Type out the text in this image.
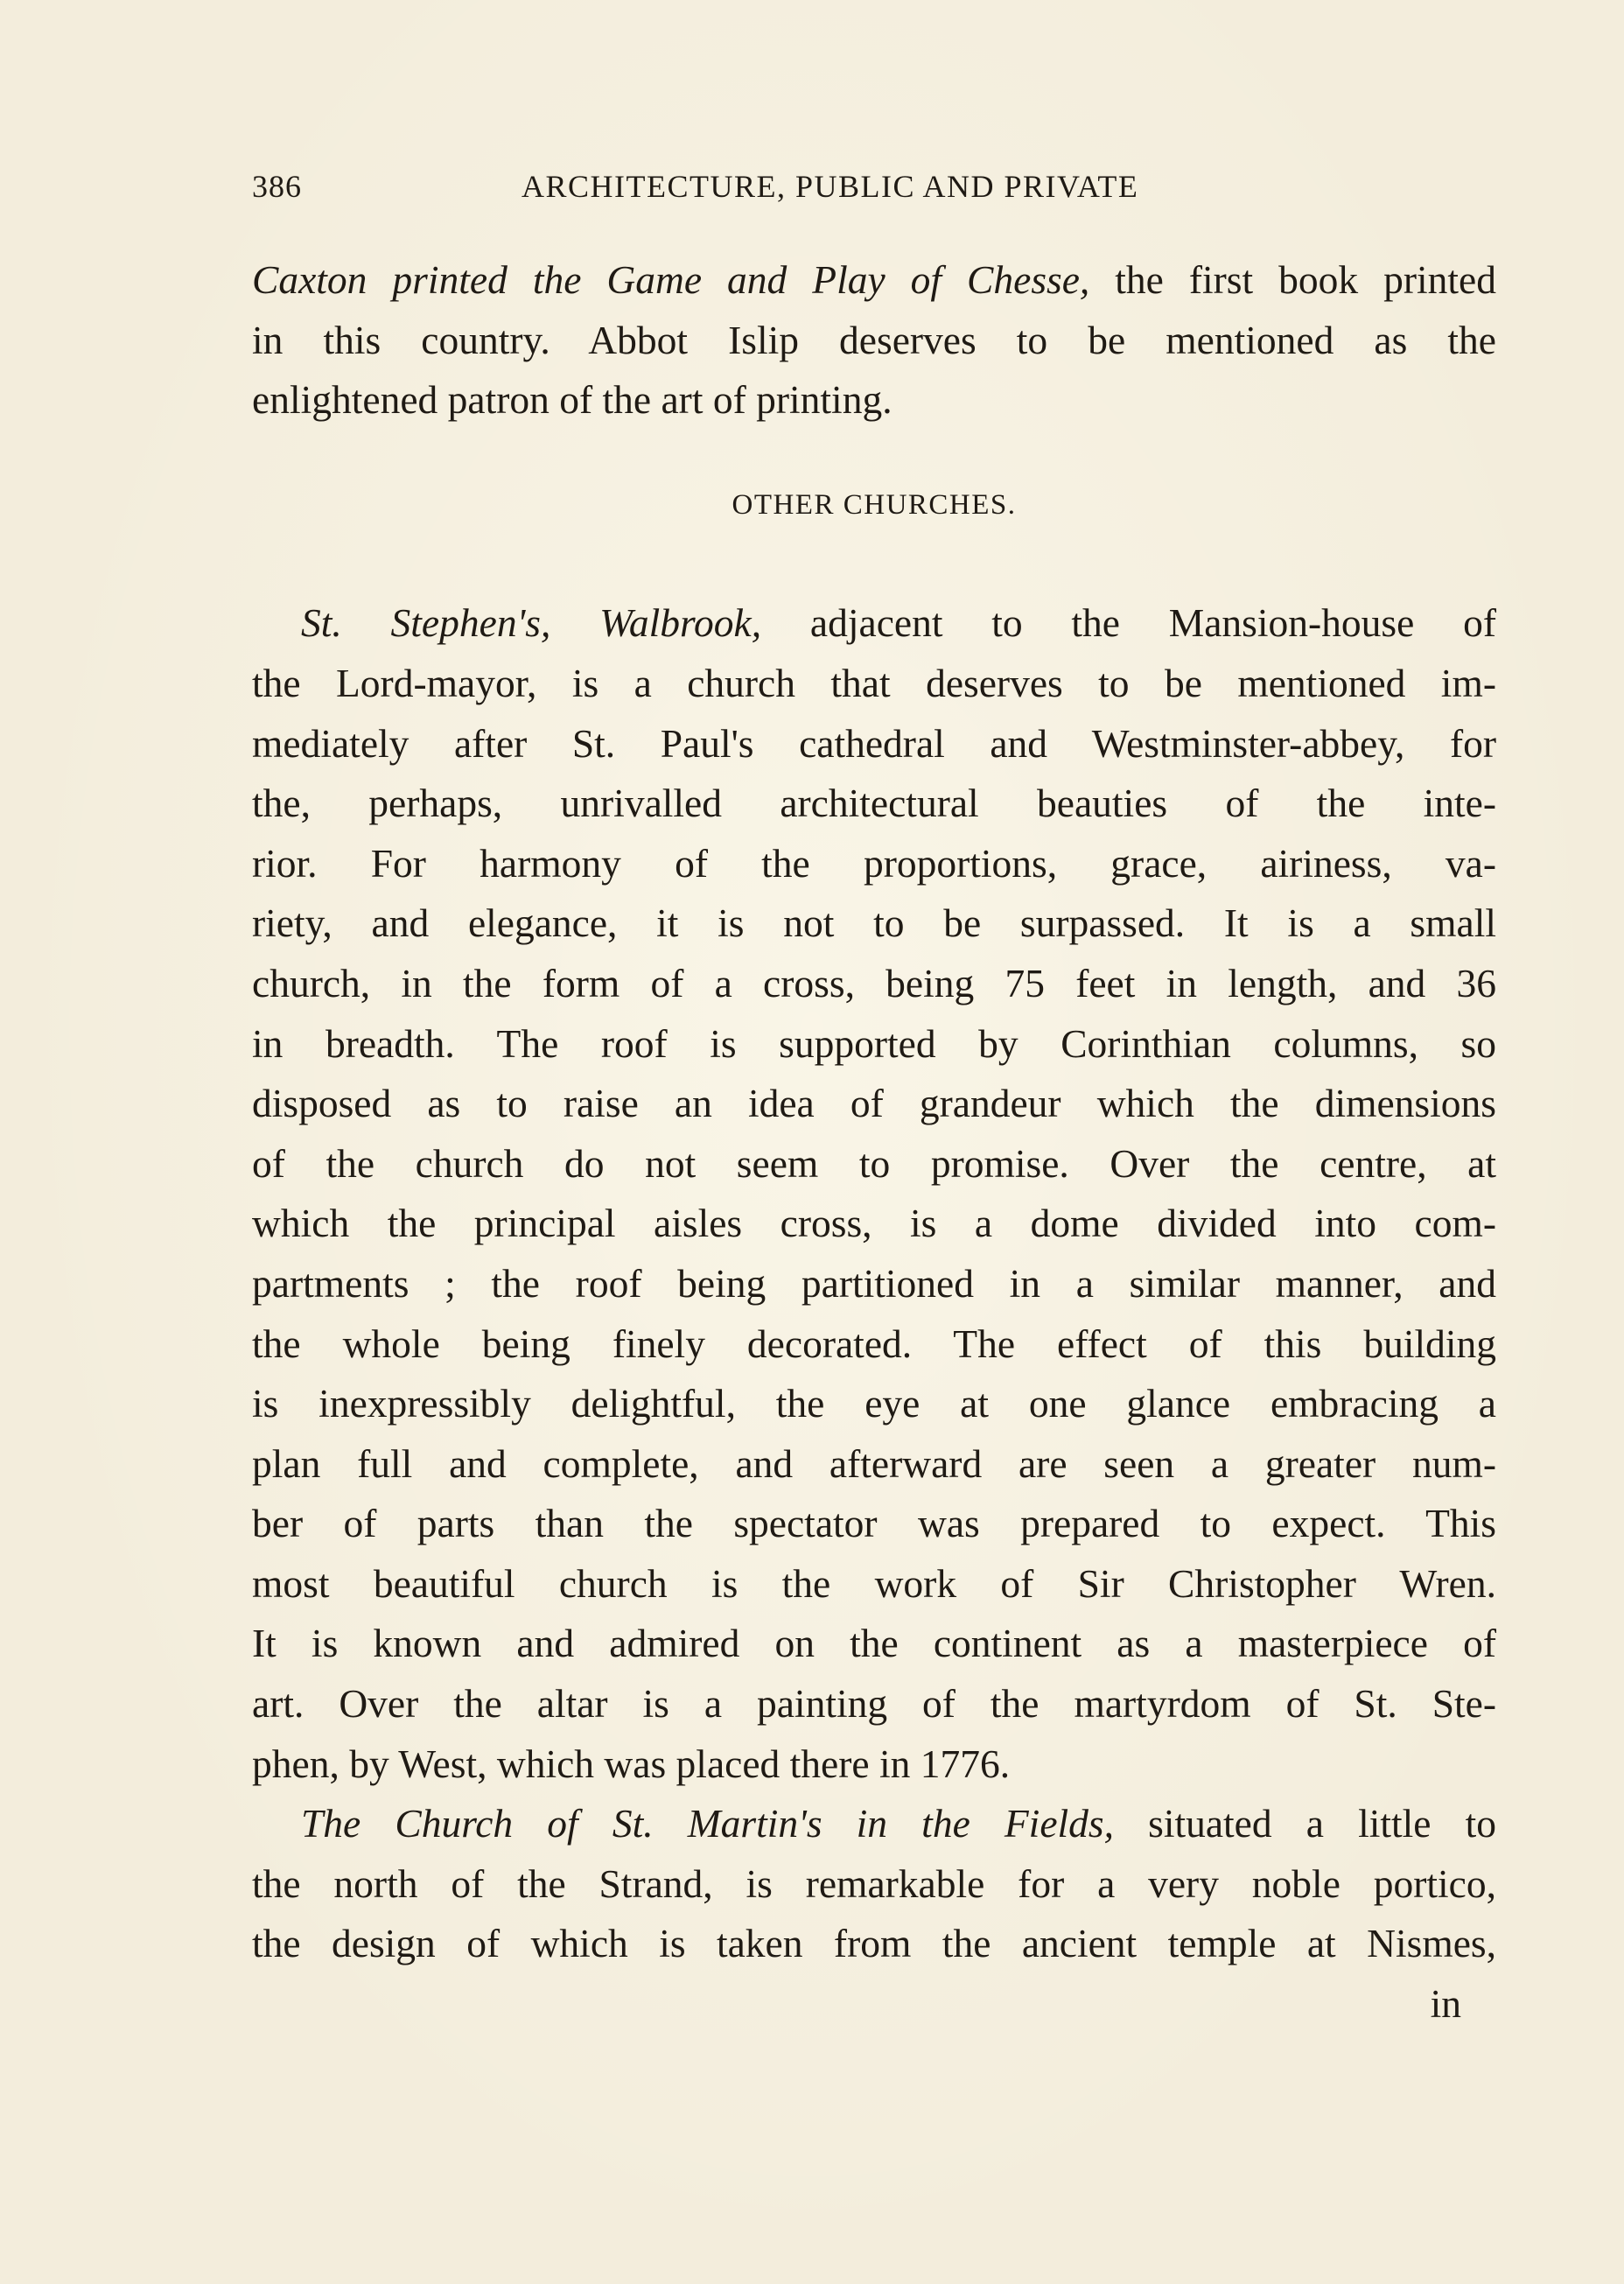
386	ARCHITECTURE, PUBLIC AND PRIVATE
Caxton printed the Game and Play of Chesse, the first book printed
in this country. Abbot Islip deserves to be mentioned as the
enlightened patron of the art of printing.
OTHER CHURCHES.
St. Stephen's, Walbrook, adjacent to the Mansion-house of
the Lord-mayor, is a church that deserves to be mentioned im-
mediately after St. Paul's cathedral and Westminster-abbey, for
the, perhaps, unrivalled architectural beauties of the inte-
rior. For harmony of the proportions, grace, airiness, va-
riety, and elegance, it is not to be surpassed. It is a small
church, in the form of a cross, being 75 feet in length, and 36
in breadth. The roof is supported by Corinthian columns, so
disposed as to raise an idea of grandeur which the dimensions
of the church do not seem to promise. Over the centre, at
which the principal aisles cross, is a dome divided into com-
partments ; the roof being partitioned in a similar manner, and
the whole being finely decorated. The effect of this building
is inexpressibly delightful, the eye at one glance embracing a
plan full and complete, and afterward are seen a greater num-
ber of parts than the spectator was prepared to expect. This
most beautiful church is the work of Sir Christopher Wren.
It is known and admired on the continent as a masterpiece of
art. Over the altar is a painting of the martyrdom of St. Ste-
phen, by West, which was placed there in 1776.
The Church of St. Martin's in the Fields, situated a little to
the north of the Strand, is remarkable for a very noble portico,
the design of which is taken from the ancient temple at Nismes,
in
